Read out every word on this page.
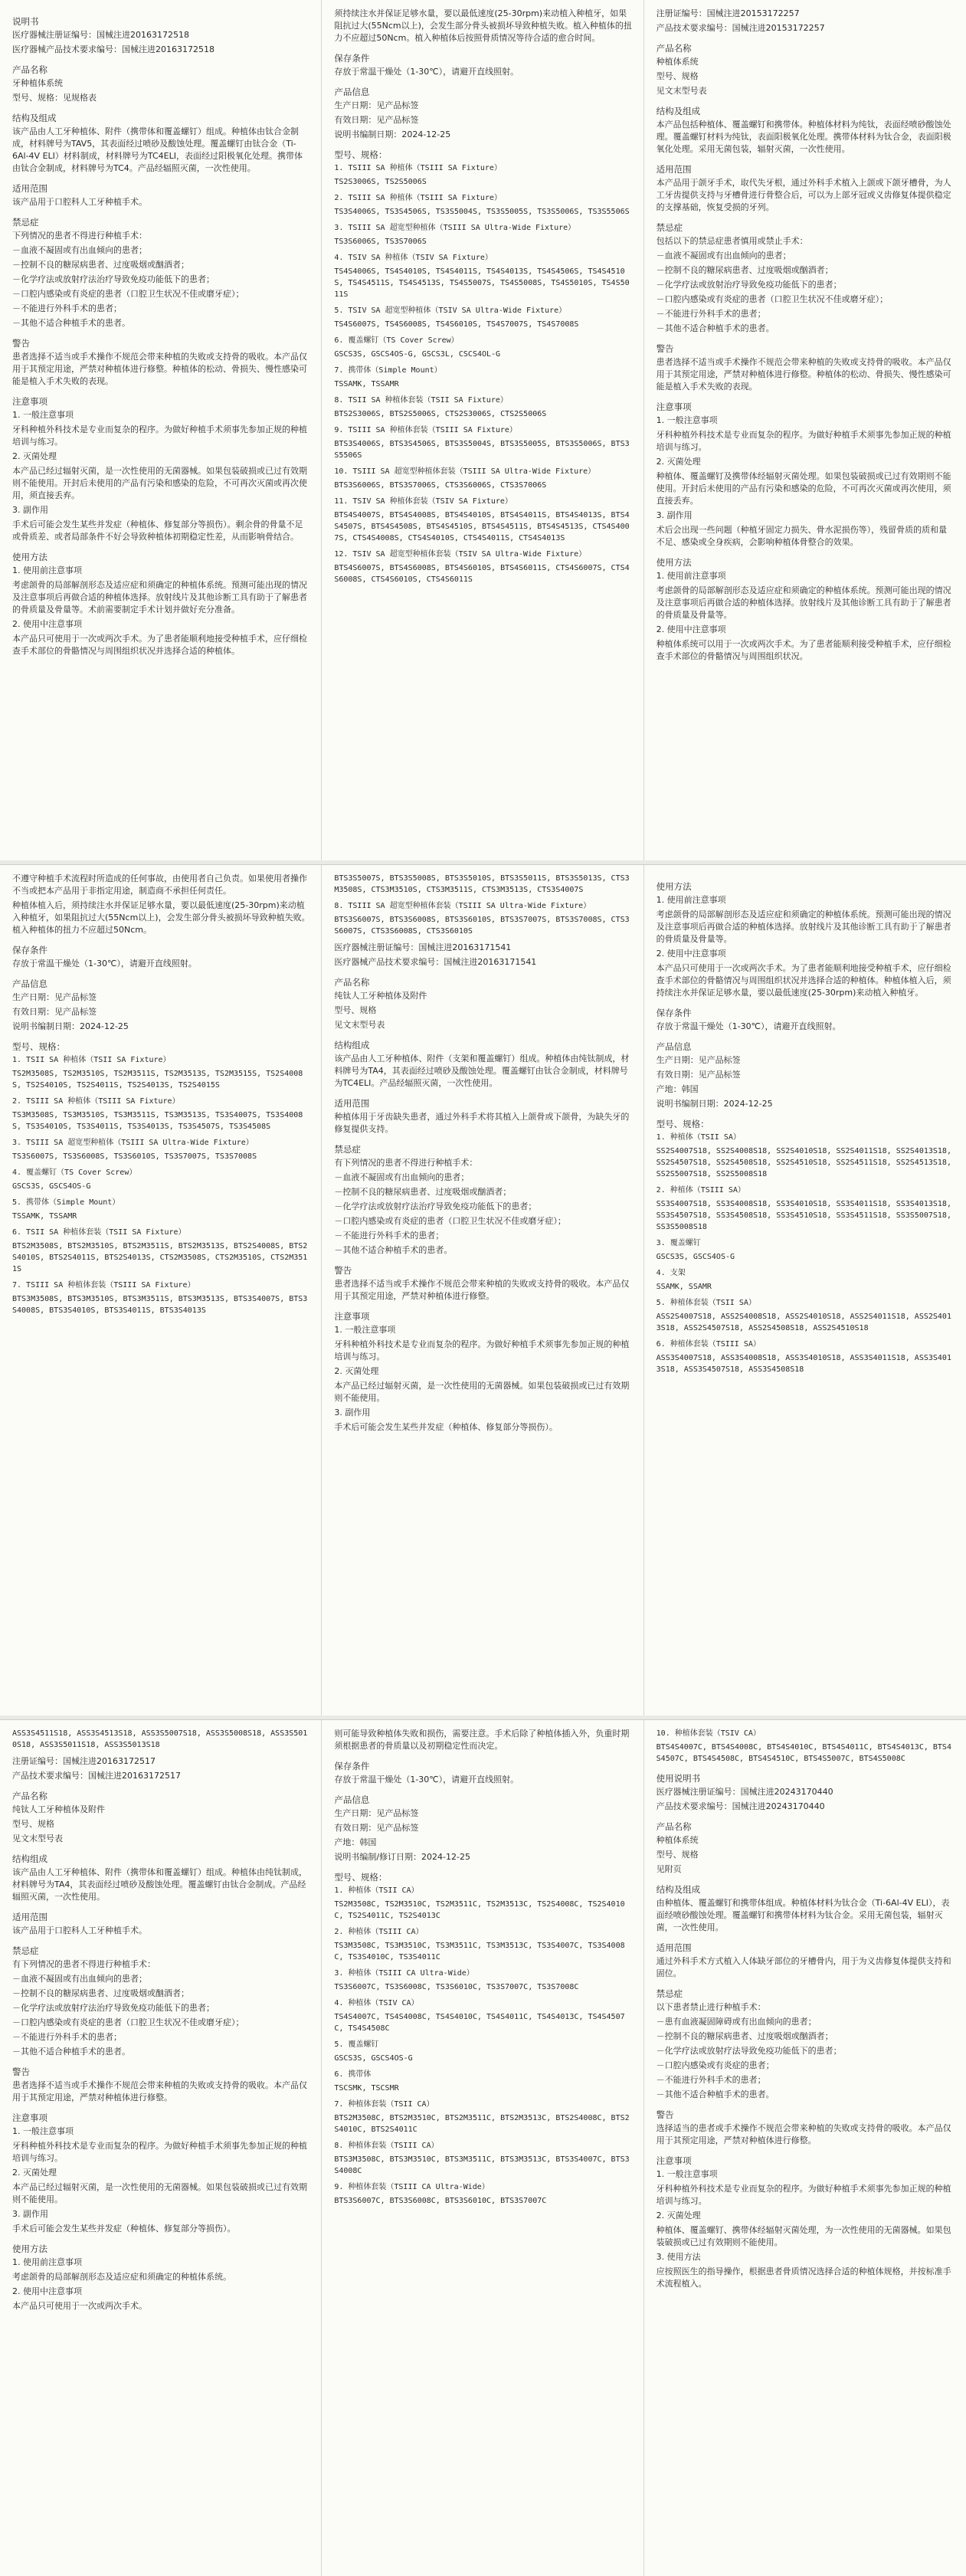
说明书

医疗器械注册证编号：国械注进20163172518

医疗器械产品技术要求编号：国械注进20163172518

产品名称

牙种植体系统

型号、规格：见规格表

结构及组成

该产品由人工牙种植体、附件（携带体和覆盖螺钉）组成。种植体由钛合金制成，材料牌号为TAV5，其表面经过喷砂及酸蚀处理。覆盖螺钉由钛合金（Ti-6Al-4V ELI）材料制成，材料牌号为TC4ELI，表面经过阳极氧化处理。携带体由钛合金制成，材料牌号为TC4。产品经辐照灭菌，一次性使用。

适用范围

该产品用于口腔科人工牙种植手术。

禁忌症

下列情况的患者不得进行种植手术：

－血液不凝固或有出血倾向的患者；

－控制不良的糖尿病患者、过度吸烟或酗酒者；

－化学疗法或放射疗法治疗导致免疫功能低下的患者；

－口腔内感染或有炎症的患者（口腔卫生状况不佳或磨牙症）；

－不能进行外科手术的患者；

－其他不适合种植手术的患者。

警告

患者选择不适当或手术操作不规范会带来种植的失败或支持骨的吸收。本产品仅用于其预定用途，严禁对种植体进行修整。种植体的松动、骨损失、慢性感染可能是植入手术失败的表现。

注意事项

1. 一般注意事项

牙科种植外科技术是专业而复杂的程序。为做好种植手术须事先参加正规的种植培训与练习。

2. 灭菌处理

本产品已经过辐射灭菌，是一次性使用的无菌器械。如果包装破损或已过有效期则不能使用。开封后未使用的产品有污染和感染的危险，不可再次灭菌或再次使用，须直接丢弃。

3. 副作用

手术后可能会发生某些并发症（种植体、修复部分等损伤）。剩余骨的骨量不足或骨质差、或者局部条件不好会导致种植体初期稳定性差，从而影响骨结合。

使用方法

1. 使用前注意事项

考虑颌骨的局部解剖形态及适应症和须确定的种植体系统。预测可能出现的情况及注意事项后再做合适的种植体选择。放射线片及其他诊断工具有助于了解患者的骨质量及骨量等。术前需要制定手术计划并做好充分准备。

2. 使用中注意事项

本产品只可使用于一次或两次手术。为了患者能顺利地接受种植手术，应仔细检查手术部位的骨骼情况与周围组织状况并选择合适的种植体。

须持续注水并保证足够水量，要以最低速度(25-30rpm)来动植入种植牙，如果阻抗过大(55Ncm以上)，会发生部分骨头被损坏导致种植失败。植入种植体的扭力不应超过50Ncm。植入种植体后按照骨质情况等待合适的愈合时间。

保存条件

存放于常温干燥处（1-30℃），请避开直线照射。

产品信息

生产日期：见产品标签

有效日期：见产品标签

说明书编制日期：2024-12-25

型号、规格：

1. TSIII SA 种植体（TSIII SA Fixture）

TS2S3006S, TS2S5006S

2. TSIII SA 种植体（TSIII SA Fixture）

TS3S4006S, TS3S4506S, TS3S5004S, TS3S5005S, TS3S5006S, TS3S5506S

3. TSIII SA 超宽型种植体（TSIII SA Ultra-Wide Fixture）

TS3S6006S, TS3S7006S

4. TSIV SA 种植体（TSIV SA Fixture）

TS4S4006S, TS4S4010S, TS4S4011S, TS4S4013S, TS4S4506S, TS4S4510S, TS4S4511S, TS4S4513S, TS4S5007S, TS4S5008S, TS4S5010S, TS4S5011S

5. TSIV SA 超宽型种植体（TSIV SA Ultra-Wide Fixture）

TS4S6007S, TS4S6008S, TS4S6010S, TS4S7007S, TS4S7008S

6. 覆盖螺钉（TS Cover Screw）

GSCS3S, GSCS4OS-G, GSCS3L, CSCS4OL-G

7. 携带体（Simple Mount）

TSSAMK, TSSAMR

8. TSII SA 种植体套装（TSII SA Fixture）

BTS2S3006S, BTS2S5006S, CTS2S3006S, CTS2S5006S

9. TSIII SA 种植体套装（TSIII SA Fixture）

BTS3S4006S, BTS3S4506S, BTS3S5004S, BTS3S5005S, BTS3S5006S, BTS3S5506S

10. TSIII SA 超宽型种植体套装（TSIII SA Ultra-Wide Fixture）

BTS3S6006S, BTS3S7006S, CTS3S6006S, CTS3S7006S

11. TSIV SA 种植体套装（TSIV SA Fixture）

BTS4S4007S, BTS4S4008S, BTS4S4010S, BTS4S4011S, BTS4S4013S, BTS4S4507S, BTS4S4508S, BTS4S4510S, BTS4S4511S, BTS4S4513S, CTS4S4007S, CTS4S4008S, CTS4S4010S, CTS4S4011S, CTS4S4013S

12. TSIV SA 超宽型种植体套装（TSIV SA Ultra-Wide Fixture）

BTS4S6007S, BTS4S6008S, BTS4S6010S, BTS4S6011S, CTS4S6007S, CTS4S6008S, CTS4S6010S, CTS4S6011S

注册证编号：国械注进20153172257

产品技术要求编号：国械注进20153172257

产品名称

种植体系统

型号、规格

见文末型号表

结构及组成

本产品包括种植体、覆盖螺钉和携带体。种植体材料为纯钛，表面经喷砂酸蚀处理。覆盖螺钉材料为纯钛，表面阳极氧化处理。携带体材料为钛合金，表面阳极氧化处理。采用无菌包装，辐射灭菌，一次性使用。

适用范围

本产品用于颌牙手术，取代失牙根，通过外科手术植入上颌或下颌牙槽骨，为人工牙齿提供支持与牙槽骨进行骨整合后，可以为上部牙冠或义齿修复体提供稳定的支撑基础，恢复受损的牙列。

禁忌症

包括以下的禁忌症患者慎用或禁止手术：

－血液不凝固或有出血倾向的患者；

－控制不良的糖尿病患者、过度吸烟或酗酒者；

－化学疗法或放射治疗导致免疫功能低下的患者；

－口腔内感染或有炎症的患者（口腔卫生状况不佳或磨牙症）；

－不能进行外科手术的患者；

－其他不适合种植手术的患者。

警告

患者选择不适当或手术操作不规范会带来种植的失败或支持骨的吸收。本产品仅用于其预定用途，严禁对种植体进行修整。种植体的松动、骨损失、慢性感染可能是植入手术失败的表现。

注意事项

1. 一般注意事项

牙科种植外科技术是专业而复杂的程序。为做好种植手术须事先参加正规的种植培训与练习。

2. 灭菌处理

种植体、覆盖螺钉及携带体经辐射灭菌处理。如果包装破损或已过有效期则不能使用。开封后未使用的产品有污染和感染的危险，不可再次灭菌或再次使用，须直接丢弃。

3. 副作用

术后会出现一些问题（种植牙固定力损失、骨水泥损伤等），残留骨质的质和量不足、感染或全身疾病，会影响种植体骨整合的效果。

使用方法

1. 使用前注意事项

考虑颌骨的局部解剖形态及适应症和须确定的种植体系统。预测可能出现的情况及注意事项后再做合适的种植体选择。放射线片及其他诊断工具有助于了解患者的骨质量及骨量等。

2. 使用中注意事项

种植体系统可以用于一次或两次手术。为了患者能顺利接受种植手术，应仔细检查手术部位的骨骼情况与周围组织状况。

不遵守种植手术流程时所造成的任何事故，由使用者自己负责。如果使用者操作不当或把本产品用于非指定用途，制造商不承担任何责任。

种植体植入后，须持续注水并保证足够水量，要以最低速度(25-30rpm)来动植入种植牙，如果阻抗过大(55Ncm以上)，会发生部分骨头被损坏导致种植失败。植入种植体的扭力不应超过50Ncm。

保存条件

存放于常温干燥处（1-30℃），请避开直线照射。

产品信息

生产日期：见产品标签

有效日期：见产品标签

说明书编制日期：2024-12-25

型号、规格：

1. TSII SA 种植体（TSII SA Fixture）

TS2M3508S, TS2M3510S, TS2M3511S, TS2M3513S, TS2M3515S, TS2S4008S, TS2S4010S, TS2S4011S, TS2S4013S, TS2S4015S

2. TSIII SA 种植体（TSIII SA Fixture）

TS3M3508S, TS3M3510S, TS3M3511S, TS3M3513S, TS3S4007S, TS3S4008S, TS3S4010S, TS3S4011S, TS3S4013S, TS3S4507S, TS3S4508S

3. TSIII SA 超宽型种植体（TSIII SA Ultra-Wide Fixture）

TS3S6007S, TS3S6008S, TS3S6010S, TS3S7007S, TS3S7008S

4. 覆盖螺钉（TS Cover Screw）

GSCS3S, GSCS4OS-G

5. 携带体（Simple Mount）

TSSAMK, TSSAMR

6. TSII SA 种植体套装（TSII SA Fixture）

BTS2M3508S, BTS2M3510S, BTS2M3511S, BTS2M3513S, BTS2S4008S, BTS2S4010S, BTS2S4011S, BTS2S4013S, CTS2M3508S, CTS2M3510S, CTS2M3511S

7. TSIII SA 种植体套装（TSIII SA Fixture）

BTS3M3508S, BTS3M3510S, BTS3M3511S, BTS3M3513S, BTS3S4007S, BTS3S4008S, BTS3S4010S, BTS3S4011S, BTS3S4013S

BTS3S5007S, BTS3S5008S, BTS3S5010S, BTS3S5011S, BTS3S5013S, CTS3M3508S, CTS3M3510S, CTS3M3511S, CTS3M3513S, CTS3S4007S

8. TSIII SA 超宽型种植体套装（TSIII SA Ultra-Wide Fixture）

BTS3S6007S, BTS3S6008S, BTS3S6010S, BTS3S7007S, BTS3S7008S, CTS3S6007S, CTS3S6008S, CTS3S6010S

医疗器械注册证编号：国械注进20163171541

医疗器械产品技术要求编号：国械注进20163171541

产品名称

纯钛人工牙种植体及附件

型号、规格

见文末型号表

结构组成

该产品由人工牙种植体、附件（支架和覆盖螺钉）组成。种植体由纯钛制成，材料牌号为TA4，其表面经过喷砂及酸蚀处理。覆盖螺钉由钛合金制成，材料牌号为TC4ELI。产品经辐照灭菌，一次性使用。

适用范围

种植体用于牙齿缺失患者，通过外科手术将其植入上颌骨或下颌骨，为缺失牙的修复提供支持。

禁忌症

有下列情况的患者不得进行种植手术：

－血液不凝固或有出血倾向的患者；

－控制不良的糖尿病患者、过度吸烟或酗酒者；

－化学疗法或放射疗法治疗导致免疫功能低下的患者；

－口腔内感染或有炎症的患者（口腔卫生状况不佳或磨牙症）；

－不能进行外科手术的患者；

－其他不适合种植手术的患者。

警告

患者选择不适当或手术操作不规范会带来种植的失败或支持骨的吸收。本产品仅用于其预定用途，严禁对种植体进行修整。

注意事项

1. 一般注意事项

牙科种植外科技术是专业而复杂的程序。为做好种植手术须事先参加正规的种植培训与练习。

2. 灭菌处理

本产品已经过辐射灭菌，是一次性使用的无菌器械。如果包装破损或已过有效期则不能使用。

3. 副作用

手术后可能会发生某些并发症（种植体、修复部分等损伤）。

使用方法

1. 使用前注意事项

考虑颌骨的局部解剖形态及适应症和须确定的种植体系统。预测可能出现的情况及注意事项后再做合适的种植体选择。放射线片及其他诊断工具有助于了解患者的骨质量及骨量等。

2. 使用中注意事项

本产品只可使用于一次或两次手术。为了患者能顺利地接受种植手术，应仔细检查手术部位的骨骼情况与周围组织状况并选择合适的种植体。种植体植入后，须持续注水并保证足够水量，要以最低速度(25-30rpm)来动植入种植牙。

保存条件

存放于常温干燥处（1-30℃），请避开直线照射。

产品信息

生产日期：见产品标签

有效日期：见产品标签

产地：韩国

说明书编制日期：2024-12-25

型号、规格：

1. 种植体（TSII SA）

SS2S4007S18, SS2S4008S18, SS2S4010S18, SS2S4011S18, SS2S4013S18, SS2S4507S18, SS2S4508S18, SS2S4510S18, SS2S4511S18, SS2S4513S18, SS2S5007S18, SS2S5008S18

2. 种植体（TSIII SA）

SS3S4007S18, SS3S4008S18, SS3S4010S18, SS3S4011S18, SS3S4013S18, SS3S4507S18, SS3S4508S18, SS3S4510S18, SS3S4511S18, SS3S5007S18, SS3S5008S18

3. 覆盖螺钉

GSCS3S, GSCS4OS-G

4. 支架

SSAMK, SSAMR

5. 种植体套装（TSII SA）

ASS2S4007S18, ASS2S4008S18, ASS2S4010S18, ASS2S4011S18, ASS2S4013S18, ASS2S4507S18, ASS2S4508S18, ASS2S4510S18

6. 种植体套装（TSIII SA）

ASS3S4007S18, ASS3S4008S18, ASS3S4010S18, ASS3S4011S18, ASS3S4013S18, ASS3S4507S18, ASS3S4508S18

ASS3S4511S18, ASS3S4513S18, ASS3S5007S18, ASS3S5008S18, ASS3S5010S18, ASS3S5011S18, ASS3S5013S18

注册证编号：国械注进20163172517

产品技术要求编号：国械注进20163172517

产品名称

纯钛人工牙种植体及附件

型号、规格

见文末型号表

结构组成

该产品由人工牙种植体、附件（携带体和覆盖螺钉）组成。种植体由纯钛制成，材料牌号为TA4，其表面经过喷砂及酸蚀处理。覆盖螺钉由钛合金制成。产品经辐照灭菌，一次性使用。

适用范围

该产品用于口腔科人工牙种植手术。

禁忌症

有下列情况的患者不得进行种植手术：

－血液不凝固或有出血倾向的患者；

－控制不良的糖尿病患者、过度吸烟或酗酒者；

－化学疗法或放射疗法治疗导致免疫功能低下的患者；

－口腔内感染或有炎症的患者（口腔卫生状况不佳或磨牙症）；

－不能进行外科手术的患者；

－其他不适合种植手术的患者。

警告

患者选择不适当或手术操作不规范会带来种植的失败或支持骨的吸收。本产品仅用于其预定用途，严禁对种植体进行修整。

注意事项

1. 一般注意事项

牙科种植外科技术是专业而复杂的程序。为做好种植手术须事先参加正规的种植培训与练习。

2. 灭菌处理

本产品已经过辐射灭菌，是一次性使用的无菌器械。如果包装破损或已过有效期则不能使用。

3. 副作用

手术后可能会发生某些并发症（种植体、修复部分等损伤）。

使用方法

1. 使用前注意事项

考虑颌骨的局部解剖形态及适应症和须确定的种植体系统。

2. 使用中注意事项

本产品只可使用于一次或两次手术。

则可能导致种植体失败和损伤，需要注意。手术后除了种植体插入外，负重时期须根据患者的骨质量以及初期稳定性而决定。

保存条件

存放于常温干燥处（1-30℃），请避开直线照射。

产品信息

生产日期：见产品标签

有效日期：见产品标签

产地：韩国

说明书编制/修订日期：2024-12-25

型号、规格：

1. 种植体（TSII CA）

TS2M3508C, TS2M3510C, TS2M3511C, TS2M3513C, TS2S4008C, TS2S4010C, TS2S4011C, TS2S4013C

2. 种植体（TSIII CA）

TS3M3508C, TS3M3510C, TS3M3511C, TS3M3513C, TS3S4007C, TS3S4008C, TS3S4010C, TS3S4011C

3. 种植体（TSIII CA Ultra-Wide）

TS3S6007C, TS3S6008C, TS3S6010C, TS3S7007C, TS3S7008C

4. 种植体（TSIV CA）

TS4S4007C, TS4S4008C, TS4S4010C, TS4S4011C, TS4S4013C, TS4S4507C, TS4S4508C

5. 覆盖螺钉

GSCS3S, GSCS4OS-G

6. 携带体

TSCSMK, TSCSMR

7. 种植体套装（TSII CA）

BTS2M3508C, BTS2M3510C, BTS2M3511C, BTS2M3513C, BTS2S4008C, BTS2S4010C, BTS2S4011C

8. 种植体套装（TSIII CA）

BTS3M3508C, BTS3M3510C, BTS3M3511C, BTS3M3513C, BTS3S4007C, BTS3S4008C

9. 种植体套装（TSIII CA Ultra-Wide）

BTS3S6007C, BTS3S6008C, BTS3S6010C, BTS3S7007C

10. 种植体套装（TSIV CA）

BTS4S4007C, BTS4S4008C, BTS4S4010C, BTS4S4011C, BTS4S4013C, BTS4S4507C, BTS4S4508C, BTS4S4510C, BTS4S5007C, BTS4S5008C

使用说明书

医疗器械注册证编号：国械注进20243170440

产品技术要求编号：国械注进20243170440

产品名称

种植体系统

型号、规格

见附页

结构及组成

由种植体、覆盖螺钉和携带体组成。种植体材料为钛合金（Ti-6Al-4V ELI），表面经喷砂酸蚀处理。覆盖螺钉和携带体材料为钛合金。采用无菌包装，辐射灭菌，一次性使用。

适用范围

通过外科手术方式植入人体缺牙部位的牙槽骨内，用于为义齿修复体提供支持和固位。

禁忌症

以下患者禁止进行种植手术：

－患有血液凝固障碍或有出血倾向的患者；

－控制不良的糖尿病患者、过度吸烟或酗酒者；

－化学疗法或放射疗法导致免疫功能低下的患者；

－口腔内感染或有炎症的患者；

－不能进行外科手术的患者；

－其他不适合种植手术的患者。

警告

选择适当的患者或手术操作不规范会带来种植的失败或支持骨的吸收。本产品仅用于其预定用途，严禁对种植体进行修整。

注意事项

1. 一般注意事项

牙科种植外科技术是专业而复杂的程序。为做好种植手术须事先参加正规的种植培训与练习。

2. 灭菌处理

种植体、覆盖螺钉、携带体经辐射灭菌处理，为一次性使用的无菌器械。如果包装破损或已过有效期则不能使用。

3. 使用方法

应按照医生的指导操作，根据患者骨质情况选择合适的种植体规格，并按标准手术流程植入。
